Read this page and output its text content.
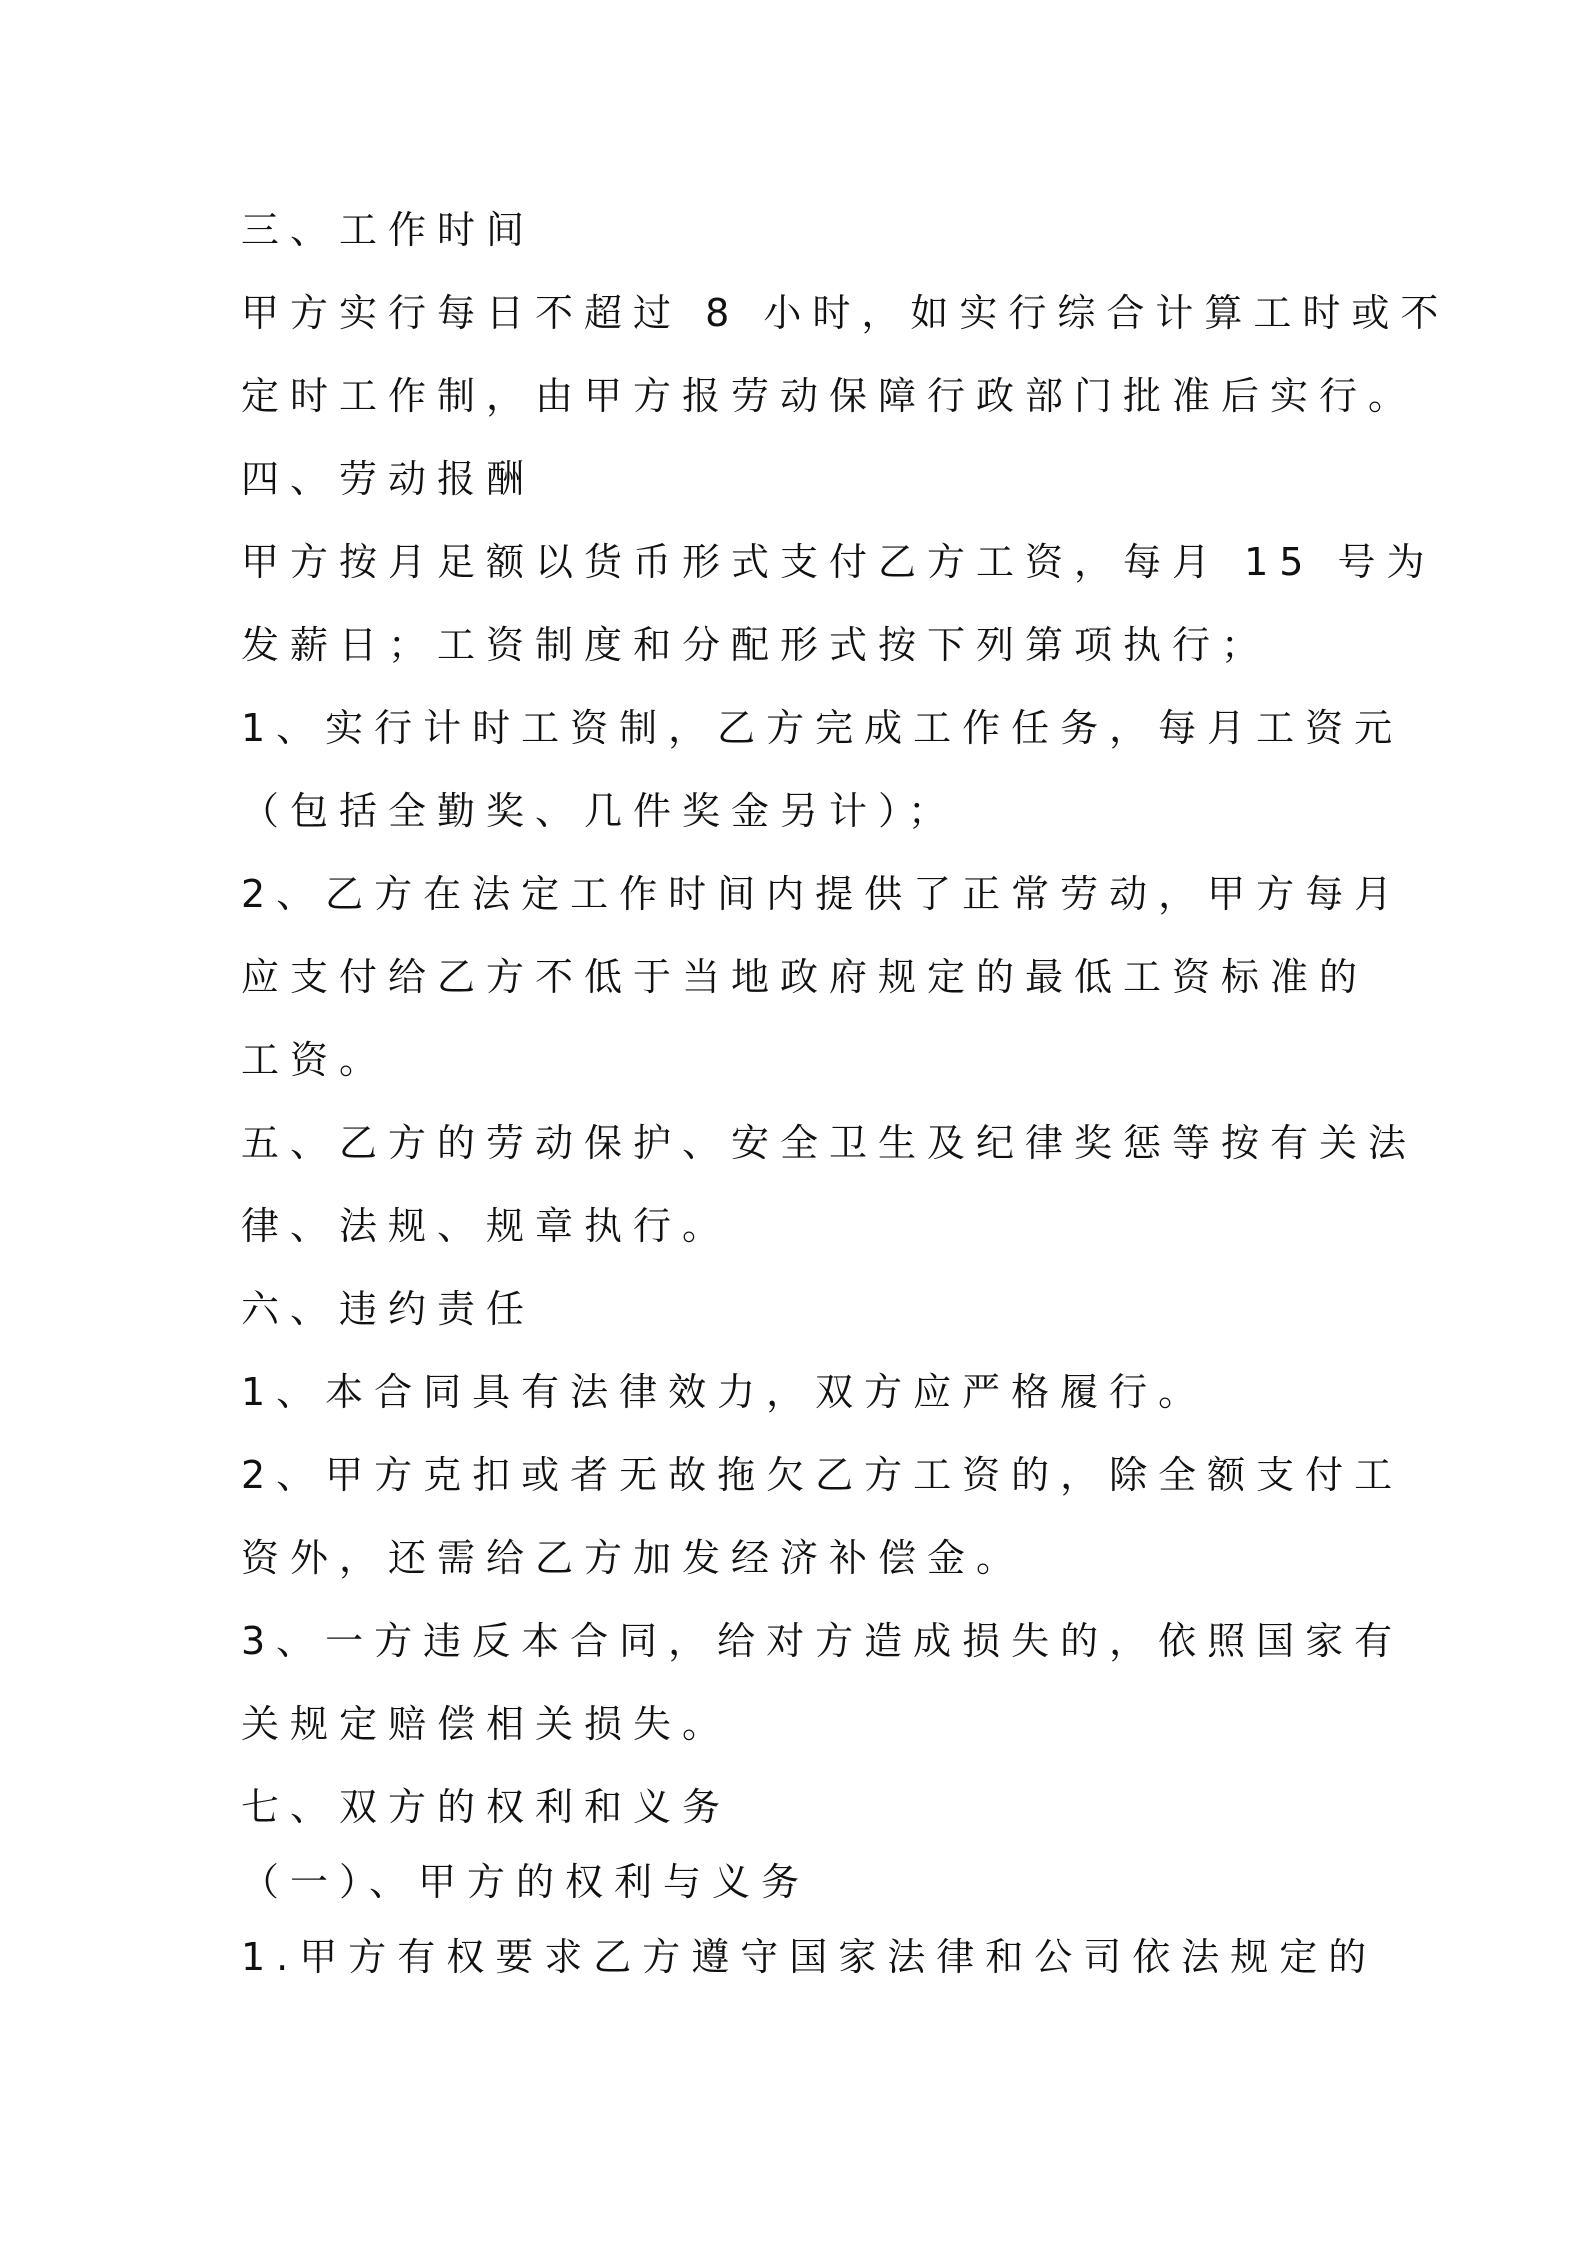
三、工作时间
甲方实行每日不超过 8 小时，如实行综合计算工时或不
定时工作制，由甲方报劳动保障行政部门批准后实行。
四、劳动报酬
甲方按月足额以货币形式支付乙方工资，每月 15 号为
发薪日；工资制度和分配形式按下列第项执行；
1、实行计时工资制，乙方完成工作任务，每月工资元
（包括全勤奖、几件奖金另计）；
2、乙方在法定工作时间内提供了正常劳动，甲方每月
应支付给乙方不低于当地政府规定的最低工资标准的
工资。
五、乙方的劳动保护、安全卫生及纪律奖惩等按有关法
律、法规、规章执行。
六、违约责任
1、本合同具有法律效力，双方应严格履行。
2、甲方克扣或者无故拖欠乙方工资的，除全额支付工
资外，还需给乙方加发经济补偿金。
3、一方违反本合同，给对方造成损失的，依照国家有
关规定赔偿相关损失。
七、双方的权利和义务
（一）、甲方的权利与义务
1.甲方有权要求乙方遵守国家法律和公司依法规定的
